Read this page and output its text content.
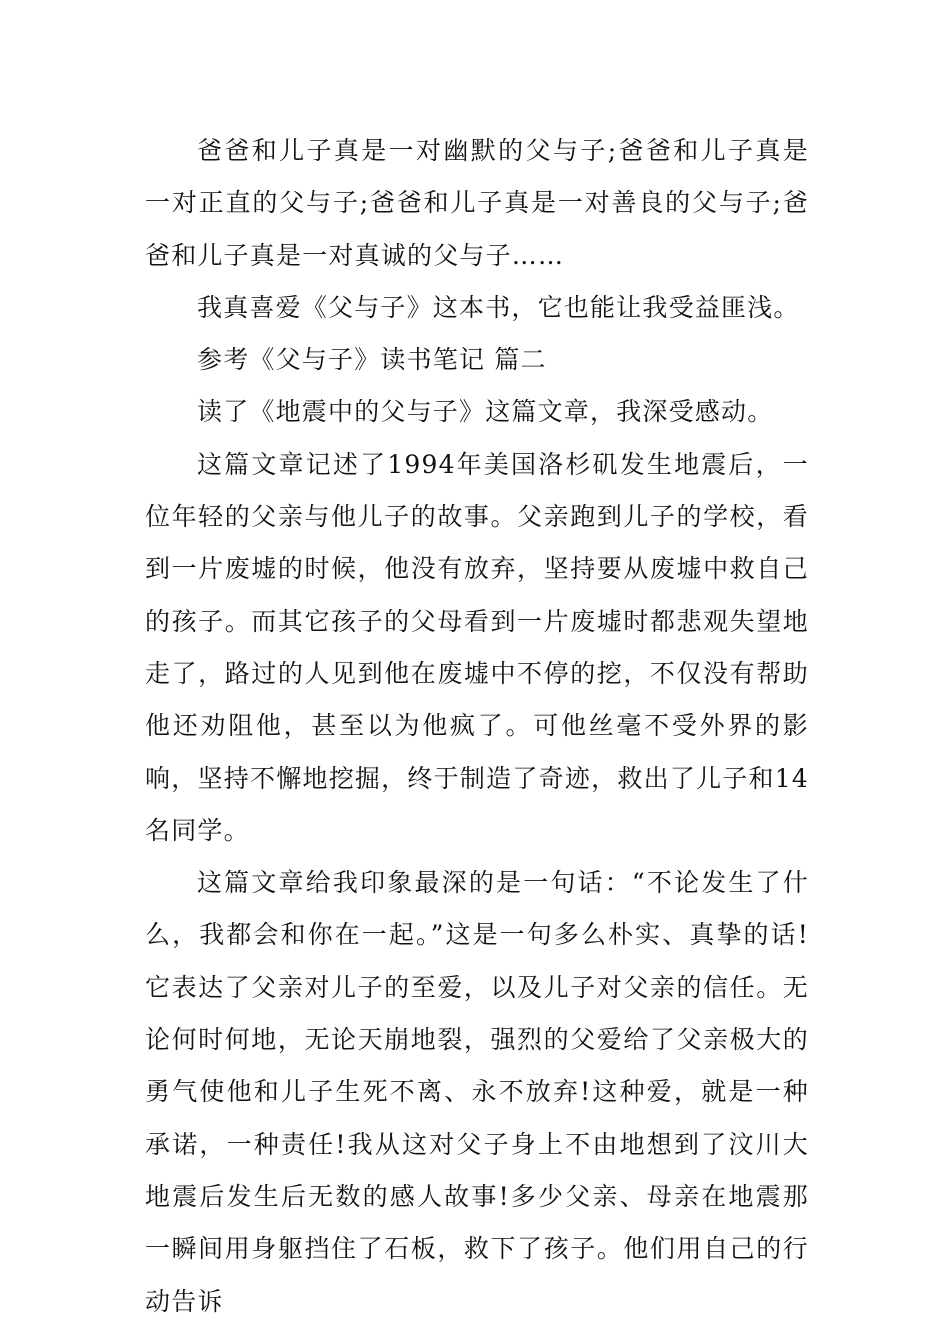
爸爸和儿子真是一对幽默的父与子;爸爸和儿子真是一对正直的父与子;爸爸和儿子真是一对善良的父与子;爸爸和儿子真是一对真诚的父与子……

我真喜爱《父与子》这本书，它也能让我受益匪浅。

参考《父与子》读书笔记 篇二

读了《地震中的父与子》这篇文章，我深受感动。

这篇文章记述了1994年美国洛杉矶发生地震后，一位年轻的父亲与他儿子的故事。父亲跑到儿子的学校，看到一片废墟的时候，他没有放弃，坚持要从废墟中救自己的孩子。而其它孩子的父母看到一片废墟时都悲观失望地走了，路过的人见到他在废墟中不停的挖，不仅没有帮助他还劝阻他，甚至以为他疯了。可他丝毫不受外界的影响，坚持不懈地挖掘，终于制造了奇迹，救出了儿子和14名同学。

这篇文章给我印象最深的是一句话：“不论发生了什么，我都会和你在一起。”这是一句多么朴实、真挚的话!它表达了父亲对儿子的至爱，以及儿子对父亲的信任。无论何时何地，无论天崩地裂，强烈的父爱给了父亲极大的勇气使他和儿子生死不离、永不放弃!这种爱，就是一种承诺，一种责任!我从这对父子身上不由地想到了汶川大地震后发生后无数的感人故事!多少父亲、母亲在地震那一瞬间用身躯挡住了石板，救下了孩子。他们用自己的行动告诉
